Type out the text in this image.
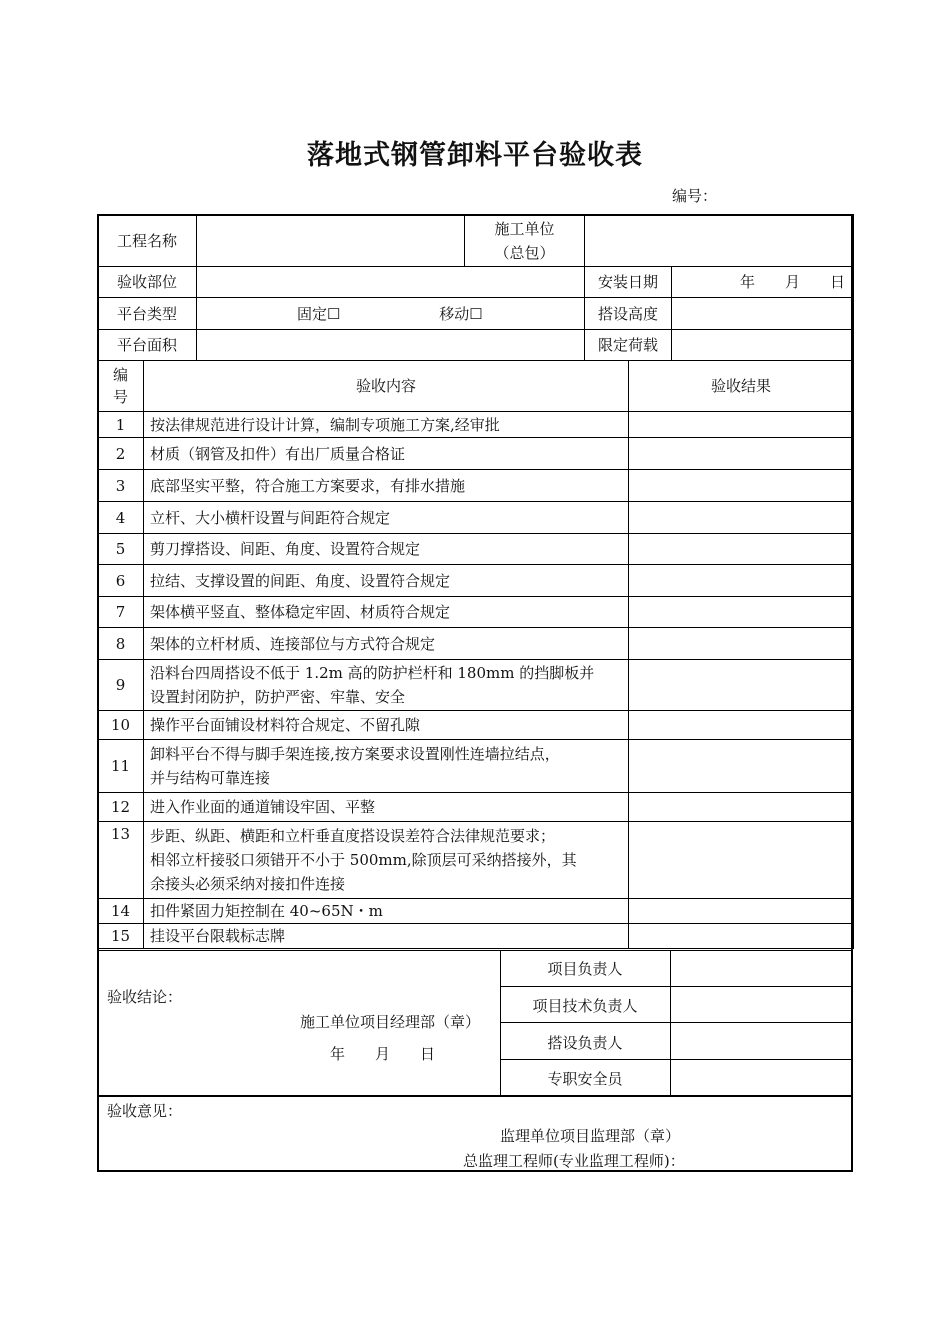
落地式钢管卸料平台验收表
编号：
工程名称		施工单位
（总包）		

验收部位			安装日期	年　　月　　日
平台类型	固定☐ 移动☐		搭设高度	
平台面积			限定荷载	
编
号	验收内容	验收结果
1	按法律规范进行设计计算，编制专项施工方案,经审批	
2	材质（钢管及扣件）有出厂质量合格证	
3	底部坚实平整，符合施工方案要求，有排水措施	
4	立杆、大小横杆设置与间距符合规定	
5	剪刀撑搭设、间距、角度、设置符合规定	
6	拉结、支撑设置的间距、角度、设置符合规定	
7	架体横平竖直、整体稳定牢固、材质符合规定	
8	架体的立杆材质、连接部位与方式符合规定	
9	沿料台四周搭设不低于 1.2m 高的防护栏杆和 180mm 的挡脚板并
设置封闭防护，防护严密、牢靠、安全	

10	操作平台面铺设材料符合规定、不留孔隙	
11	卸料平台不得与脚手架连接,按方案要求设置刚性连墙拉结点，
并与结构可靠连接	

12	进入作业面的通道铺设牢固、平整	
13	步距、纵距、横距和立杆垂直度搭设误差符合法律规范要求；
相邻立杆接驳口须错开不小于 500mm,除顶层可采纳搭接外，其
余接头必须采纳对接扣件连接	

14	扣件紧固力矩控制在 40~65N・m	
15	挂设平台限载标志牌	
验收结论：
施工单位项目经理部（章）
年　　月　　日
项目负责人
项目技术负责人
搭设负责人
专职安全员
验收意见：
监理单位项目监理部（章）
总监理工程师(专业监理工程师)：
